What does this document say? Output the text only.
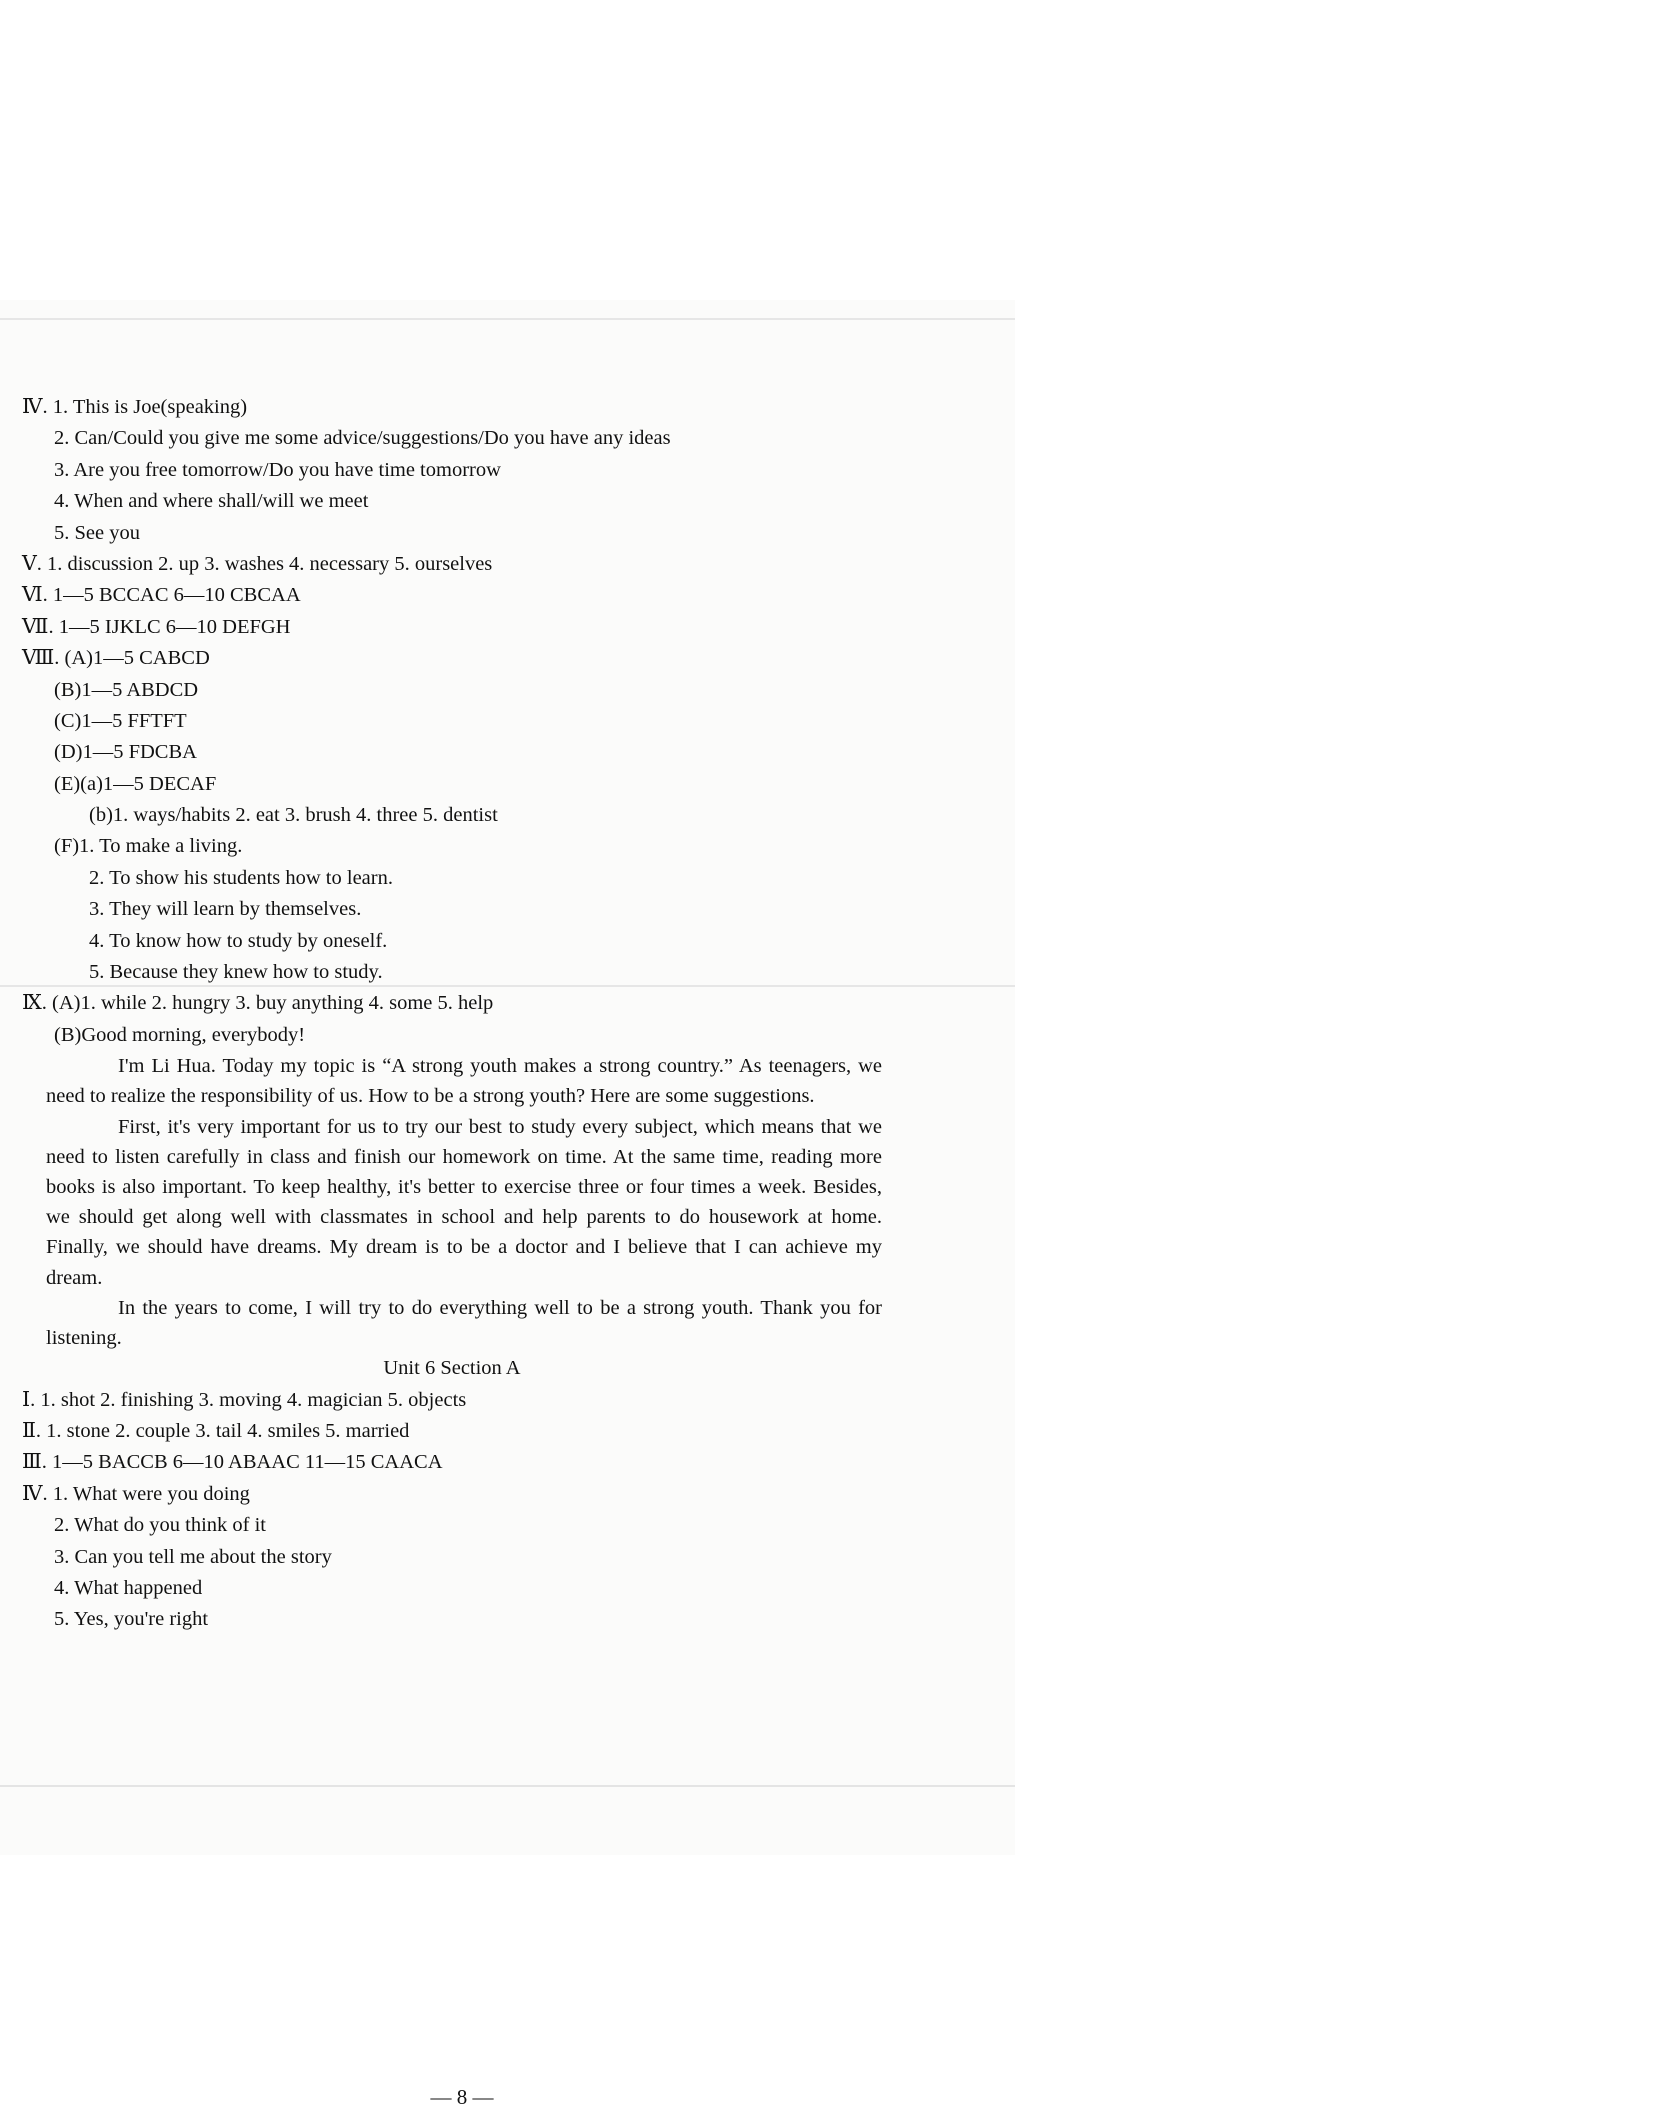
Ⅳ. 1. This is Joe(speaking)
2. Can/Could you give me some advice/suggestions/Do you have any ideas
3. Are you free tomorrow/Do you have time tomorrow
4. When and where shall/will we meet
5. See you
Ⅴ. 1. discussion 2. up 3. washes 4. necessary 5. ourselves
Ⅵ. 1—5 BCCAC 6—10 CBCAA
Ⅶ. 1—5 IJKLC 6—10 DEFGH
Ⅷ. (A)1—5 CABCD
(B)1—5 ABDCD
(C)1—5 FFTFT
(D)1—5 FDCBA
(E)(a)1—5 DECAF
(b)1. ways/habits 2. eat 3. brush 4. three 5. dentist
(F)1. To make a living.
2. To show his students how to learn.
3. They will learn by themselves.
4. To know how to study by oneself.
5. Because they knew how to study.
Ⅸ. (A)1. while 2. hungry 3. buy anything 4. some 5. help
(B)Good morning, everybody!

I'm Li Hua. Today my topic is “A strong youth makes a strong country.” As teenagers, we need to realize the responsibility of us. How to be a strong youth? Here are some suggestions.

First, it's very important for us to try our best to study every subject, which means that we need to listen carefully in class and finish our homework on time. At the same time, reading more books is also important. To keep healthy, it's better to exercise three or four times a week. Besides, we should get along well with classmates in school and help parents to do housework at home. Finally, we should have dreams. My dream is to be a doctor and I believe that I can achieve my dream.

In the years to come, I will try to do everything well to be a strong youth. Thank you for listening.

Unit 6 Section A
Ⅰ. 1. shot 2. finishing 3. moving 4. magician 5. objects
Ⅱ. 1. stone 2. couple 3. tail 4. smiles 5. married
Ⅲ. 1—5 BACCB 6—10 ABAAC 11—15 CAACA
Ⅳ. 1. What were you doing
2. What do you think of it
3. Can you tell me about the story
4. What happened
5. Yes, you're right
— 8 —
